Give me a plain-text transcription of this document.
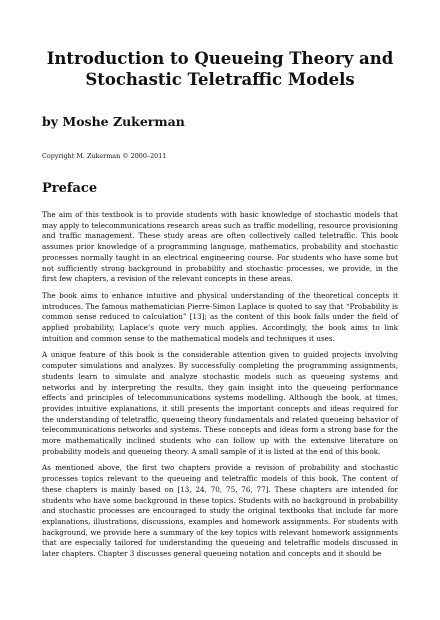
Introduction to Queueing Theory and
Stochastic Teletraffic Models
by Moshe Zukerman
Copyright M. Zukerman © 2000–2011
Preface

The aim of this textbook is to provide students with basic knowledge of stochastic models that may apply to telecommunications research areas such as traffic modelling, resource provisioning and traffic management. These study areas are often collectively called teletraffic. This book assumes prior knowledge of a programming language, mathematics, probability and stochastic processes normally taught in an electrical engineering course. For students who have some but not sufficiently strong background in probability and stochastic processes, we provide, in the first few chapters, a revision of the relevant concepts in these areas.

The book aims to enhance intuitive and physical understanding of the theoretical concepts it introduces. The famous mathematician Pierre-Simon Laplace is quoted to say that “Probability is common sense reduced to calculation” [13]; as the content of this book falls under the field of applied probability, Laplace’s quote very much applies. Accordingly, the book aims to link intuition and common sense to the mathematical models and techniques it uses.

A unique feature of this book is the considerable attention given to guided projects involving computer simulations and analyzes. By successfully completing the programming assignments, students learn to simulate and analyze stochastic models such as queueing systems and networks and by interpreting the results, they gain insight into the queueing performance effects and principles of telecommunications systems modelling. Although the book, at times, provides intuitive explanations, it still presents the important concepts and ideas required for the understanding of teletraffic, queueing theory fundamentals and related queueing behavior of telecommunications networks and systems. These concepts and ideas form a strong base for the more mathematically inclined students who can follow up with the extensive literature on probability models and queueing theory. A small sample of it is listed at the end of this book.

As mentioned above, the first two chapters provide a revision of probability and stochastic processes topics relevant to the queueing and teletraffic models of this book. The content of these chapters is mainly based on [13, 24, 70, 75, 76, 77]. These chapters are intended for students who have some background in these topics. Students with no background in probability and stochastic processes are encouraged to study the original textbooks that include far more explanations, illustrations, discussions, examples and homework assignments. For students with background, we provide here a summary of the key topics with relevant homework assignments that are especially tailored for understanding the queueing and teletraffic models discussed in later chapters. Chapter 3 discusses general queueing notation and concepts and it should be
